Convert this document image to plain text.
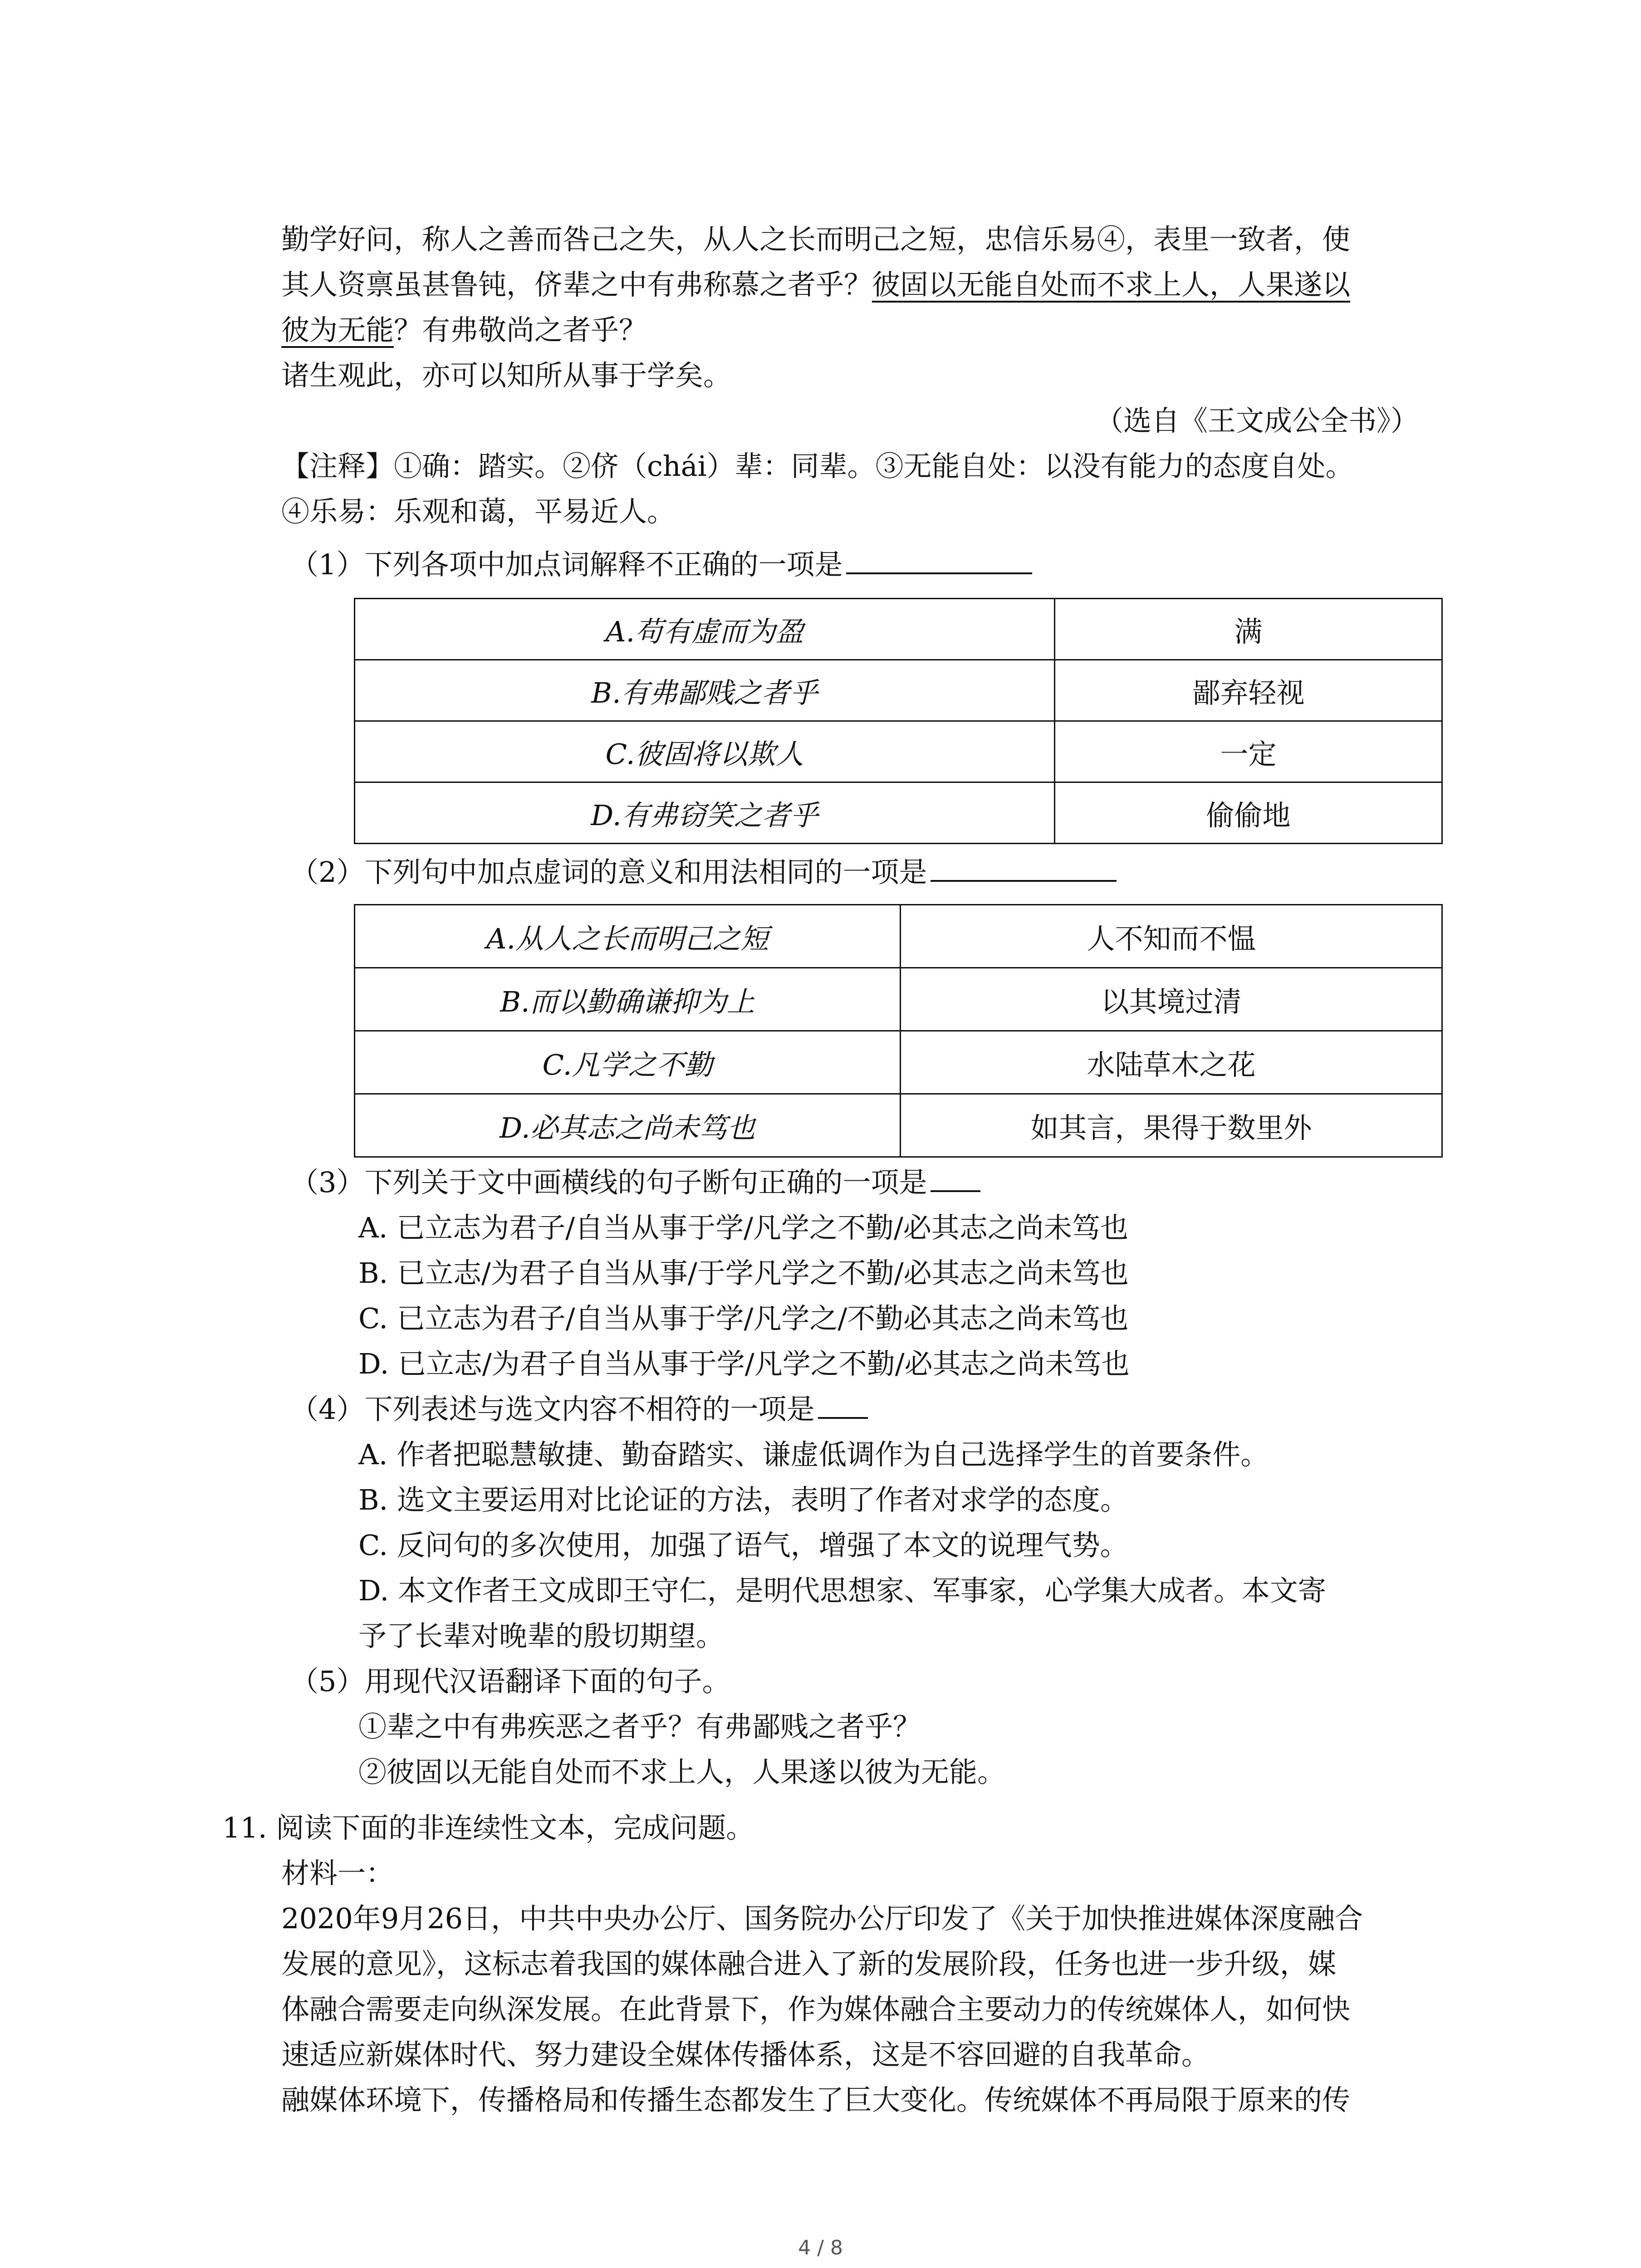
勤学好问，称人之善而咎己之失，从人之长而明己之短，忠信乐易④，表里一致者，使
其人资禀虽甚鲁钝，侪辈之中有弗称慕之者乎？彼固以无能自处而不求上人，人果遂以
彼为无能？有弗敬尚之者乎？
诸生观此，亦可以知所从事于学矣。
（选自《王文成公全书》）
【注释】①确：踏实。②侪（chái）辈：同辈。③无能自处：以没有能力的态度自处。
④乐易：乐观和蔼，平易近人。
（1）下列各项中加点词解释不正确的一项是
A.苟有虚而为盈	满
B.有弗鄙贱之者乎	鄙弃轻视
C.彼固将以欺人	一定
D.有弗窃笑之者乎	偷偷地
（2）下列句中加点虚词的意义和用法相同的一项是
A.从人之长而明己之短	人不知而不愠
B.而以勤确谦抑为上	以其境过清
C.凡学之不勤	水陆草木之花
D.必其志之尚未笃也	如其言，果得于数里外
（3）下列关于文中画横线的句子断句正确的一项是
A. 已立志为君子/自当从事于学/凡学之不勤/必其志之尚未笃也
B. 已立志/为君子自当从事/于学凡学之不勤/必其志之尚未笃也
C. 已立志为君子/自当从事于学/凡学之/不勤必其志之尚未笃也
D. 已立志/为君子自当从事于学/凡学之不勤/必其志之尚未笃也
（4）下列表述与选文内容不相符的一项是
A. 作者把聪慧敏捷、勤奋踏实、谦虚低调作为自己选择学生的首要条件。
B. 选文主要运用对比论证的方法，表明了作者对求学的态度。
C. 反问句的多次使用，加强了语气，增强了本文的说理气势。
D. 本文作者王文成即王守仁，是明代思想家、军事家，心学集大成者。本文寄
予了长辈对晚辈的殷切期望。
（5）用现代汉语翻译下面的句子。
①辈之中有弗疾恶之者乎？有弗鄙贱之者乎？
②彼固以无能自处而不求上人，人果遂以彼为无能。
11. 阅读下面的非连续性文本，完成问题。
材料一：
2020年9月26日，中共中央办公厅、国务院办公厅印发了《关于加快推进媒体深度融合
发展的意见》，这标志着我国的媒体融合进入了新的发展阶段，任务也进一步升级，媒
体融合需要走向纵深发展。在此背景下，作为媒体融合主要动力的传统媒体人，如何快
速适应新媒体时代、努力建设全媒体传播体系，这是不容回避的自我革命。
融媒体环境下，传播格局和传播生态都发生了巨大变化。传统媒体不再局限于原来的传
4 / 8
